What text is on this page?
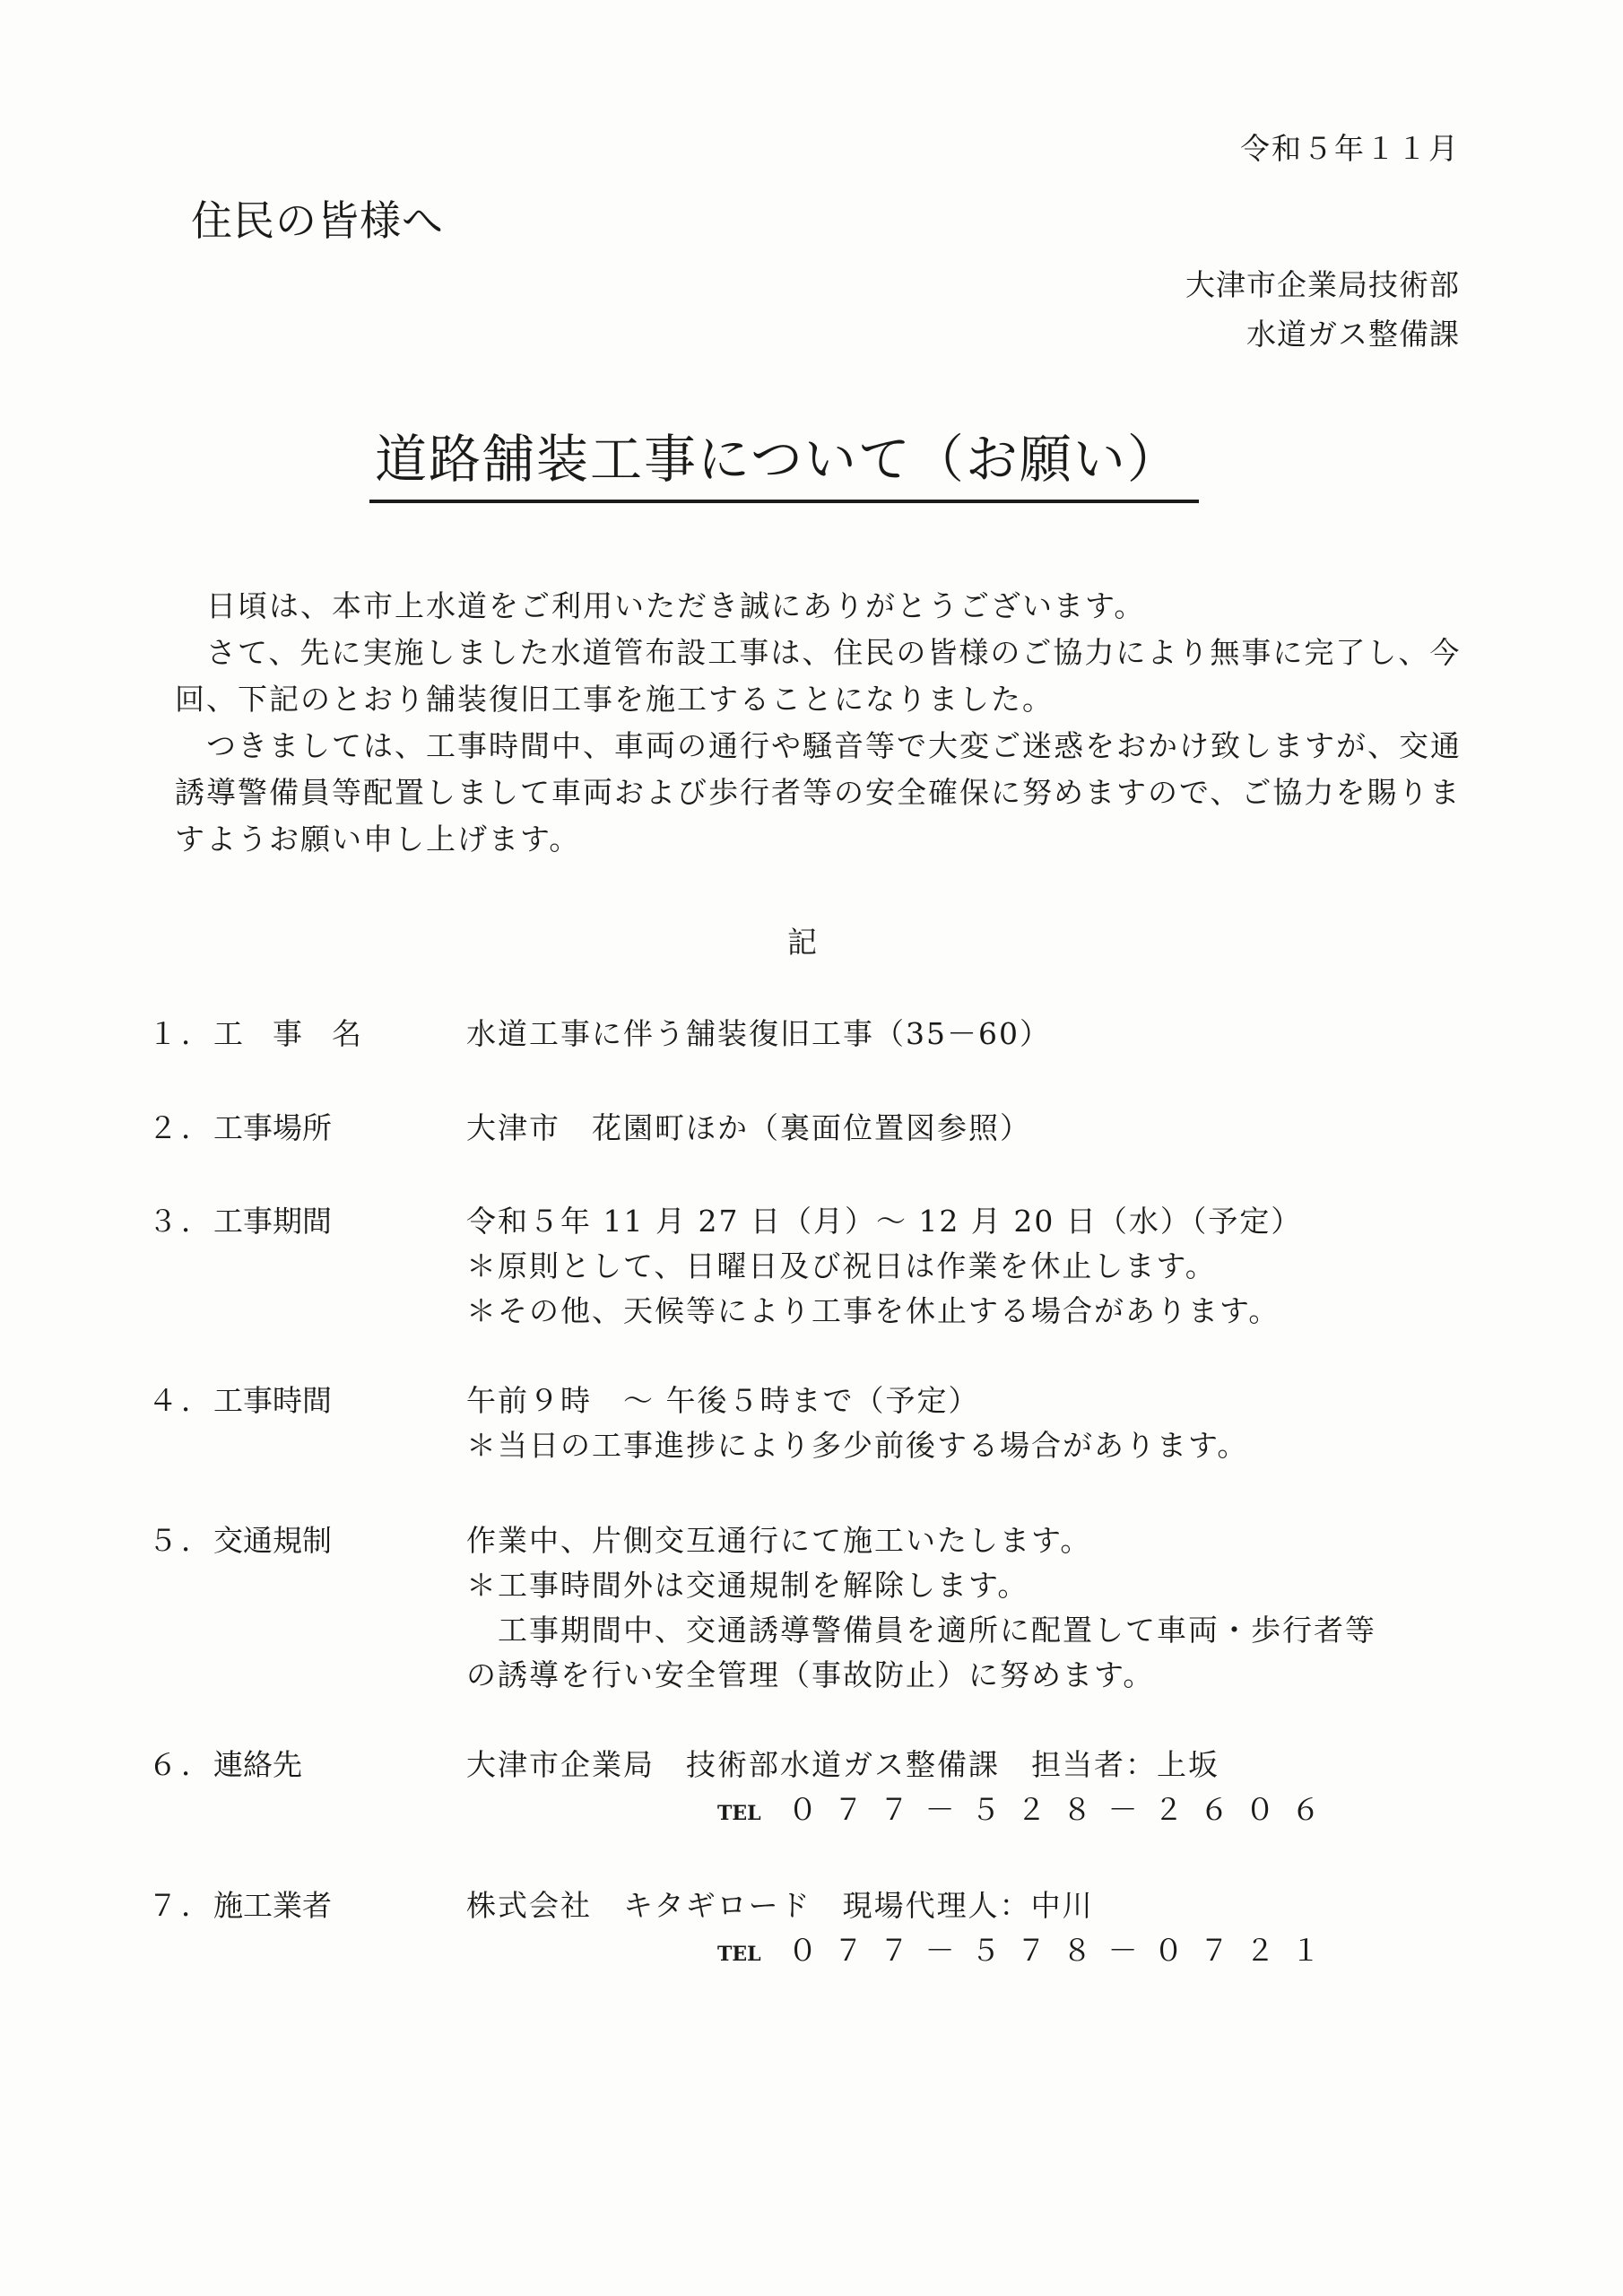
令和５年１１月
住民の皆様へ
大津市企業局技術部
水道ガス整備課
道路舗装工事について（お願い）

　日頃は、本市上水道をご利用いただき誠にありがとうございます。

　さて、先に実施しました水道管布設工事は、住民の皆様のご協力により無事に完了し、今回、下記のとおり舗装復旧工事を施工することになりました。

　つきましては、工事時間中、車両の通行や騒音等で大変ご迷惑をおかけ致しますが、交通誘導警備員等配置しまして車両および歩行者等の安全確保に努めますので、ご協力を賜りますようお願い申し上げます。

記
１． 工　事　名	水道工事に伴う舗装復旧工事（35－60）
２． 工事場所	大津市　花園町ほか（裏面位置図参照）
３． 工事期間	令和５年 11 月 27 日（月）～ 12 月 20 日（水）（予定）
＊原則として、日曜日及び祝日は作業を休止します。
＊その他、天候等により工事を休止する場合があります。
４． 工事時間	午前９時　～ 午後５時まで（予定）
＊当日の工事進捗により多少前後する場合があります。
５． 交通規制	作業中、片側交互通行にて施工いたします。
＊工事時間外は交通規制を解除します。
　工事期間中、交通誘導警備員を適所に配置して車両・歩行者等
の誘導を行い安全管理（事故防止）に努めます。
６． 連絡先	大津市企業局　技術部水道ガス整備課　担当者：上坂
TEL ０７７－５２８－２６０６
７． 施工業者	株式会社　キタギロード　現場代理人：中川
TEL ０７７－５７８－０７２１
